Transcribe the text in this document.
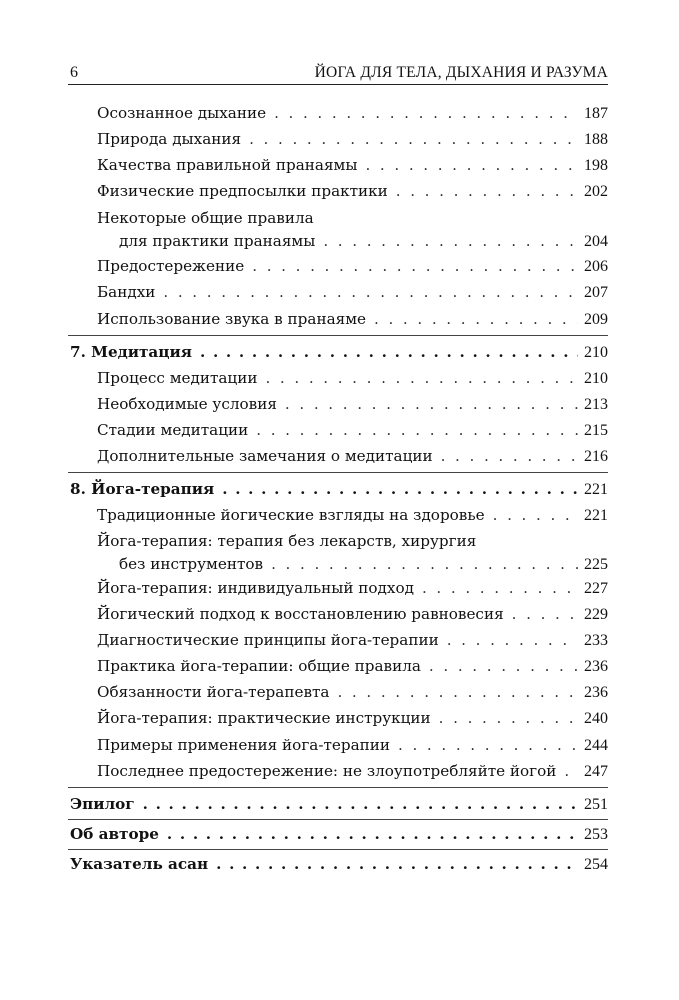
6	ЙОГА ДЛЯ ТЕЛА, ДЫХАНИЯ И РАЗУМА
Осознанное дыхание . . .	187
Природа дыхания . . .	188
Качества правильной пранаямы . . .	198
Физические предпосылки практики . . .	202
Некоторые общие правила
для практики пранаямы . . .	204
Предостережение . . .	206
Бандхи . . .	207
Использование звука в пранаяме . . .	209
7. Медитация . . .	210
Процесс медитации . . .	210
Необходимые условия . . .	213
Стадии медитации . . .	215
Дополнительные замечания о медитации . . .	216
8. Йога-терапия . . .	221
Традиционные йогические взгляды на здоровье . . .	221
Йога-терапия: терапия без лекарств, хирургия
без инструментов . . .	225
Йога-терапия: индивидуальный подход . . .	227
Йогический подход к восстановлению равновесия . . .	229
Диагностические принципы йога-терапии . . .	233
Практика йога-терапии: общие правила . . .	236
Обязанности йога-терапевта . . .	236
Йога-терапия: практические инструкции . . .	240
Примеры применения йога-терапии . . .	244
Последнее предостережение: не злоупотребляйте йогой . . . 247
Эпилог . . .	251
Об авторе . . .	253
Указатель асан . . .	254
